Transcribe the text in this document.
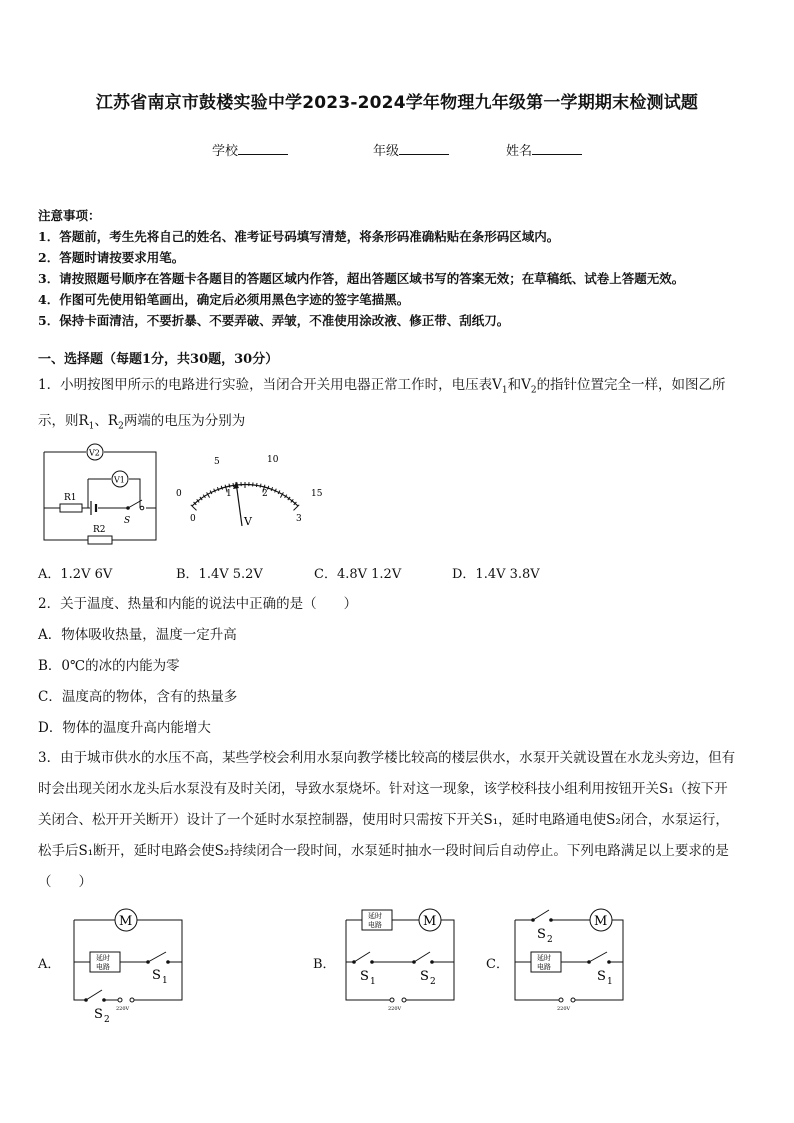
江苏省南京市鼓楼实验中学2023-2024学年物理九年级第一学期期末检测试题
学校	年级	姓名
注意事项：
1．答题前，考生先将自己的姓名、准考证号码填写清楚，将条形码准确粘贴在条形码区域内。
2．答题时请按要求用笔。
3．请按照题号顺序在答题卡各题目的答题区域内作答，超出答题区域书写的答案无效；在草稿纸、试卷上答题无效。
4．作图可先使用铅笔画出，确定后必须用黑色字迹的签字笔描黑。
5．保持卡面清洁，不要折暴、不要弄破、弄皱，不准使用涂改液、修正带、刮纸刀。
一、选择题（每题1分，共30题，30分）
1．小明按图甲所示的电路进行实验，当闭合开关用电器正常工作时，电压表$V_1$和$V_2$的指针位置完全一样，如图乙所
示，则$R_1$、$R_2$两端的电压为分别为
V2
V1
R1
R2
S
0
5	10
15
0
1	2
3
V
A．1.2V 6V	B．1.4V 5.2V	C．4.8V 1.2V	D．1.4V 3.8V
2．关于温度、热量和内能的说法中正确的是（　　）
A．物体吸收热量，温度一定升高
B．0℃的冰的内能为零
C．温度高的物体，含有的热量多
D．物体的温度升高内能增大
3．由于城市供水的水压不高，某些学校会利用水泵向教学楼比较高的楼层供水，水泵开关就设置在水龙头旁边，但有
时会出现关闭水龙头后水泵没有及时关闭，导致水泵烧坏。针对这一现象，该学校科技小组利用按钮开关S₁（按下开
关闭合、松开开关断开）设计了一个延时水泵控制器，使用时只需按下开关S₁，延时电路通电使S₂闭合，水泵运行，
松手后S₁断开，延时电路会使S₂持续闭合一段时间，水泵延时抽水一段时间后自动停止。下列电路满足以上要求的是
（　　）
A．
M
延时
电路
220V
S 1
S 2
B．
延时
电路	M
220V
S 1	S 2
C．
M
延时
电路
220V
S 2
S 1
